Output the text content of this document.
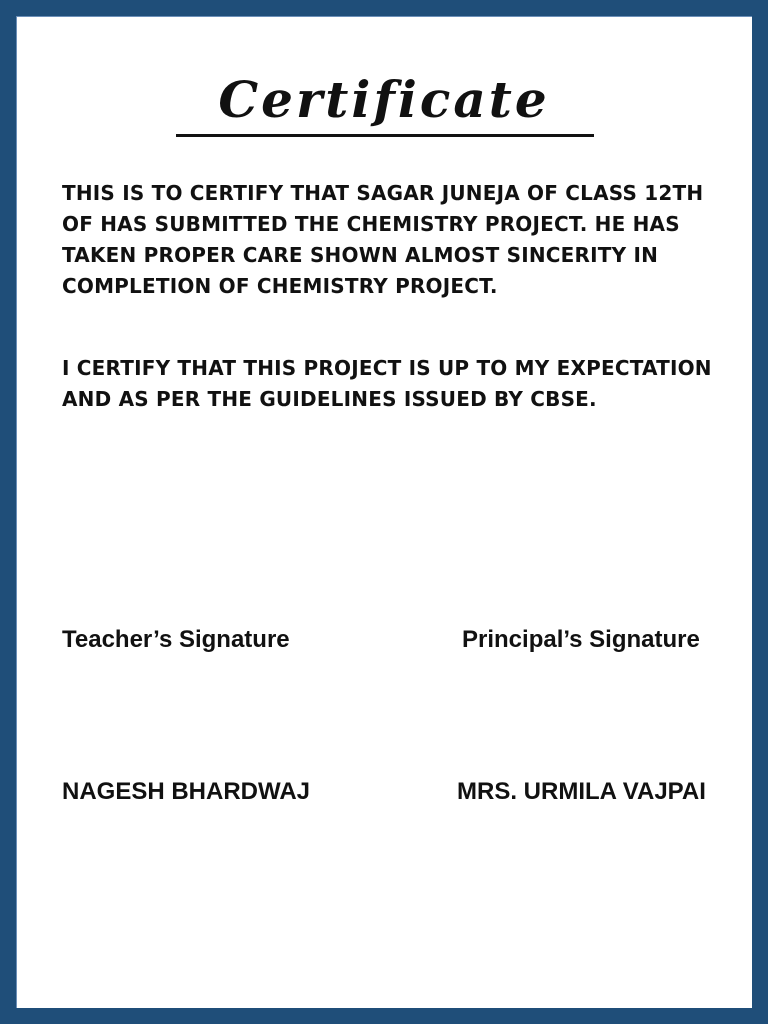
Certificate

THIS IS TO CERTIFY THAT SAGAR JUNEJA OF CLASS 12TH OF HAS SUBMITTED THE CHEMISTRY PROJECT. HE HAS TAKEN PROPER CARE SHOWN ALMOST SINCERITY IN COMPLETION OF CHEMISTRY PROJECT.

I CERTIFY THAT THIS PROJECT IS UP TO MY EXPECTATION AND AS PER THE GUIDELINES ISSUED BY CBSE.

Teacher’s Signature	Principal’s Signature
NAGESH BHARDWAJ	MRS. URMILA VAJPAI
